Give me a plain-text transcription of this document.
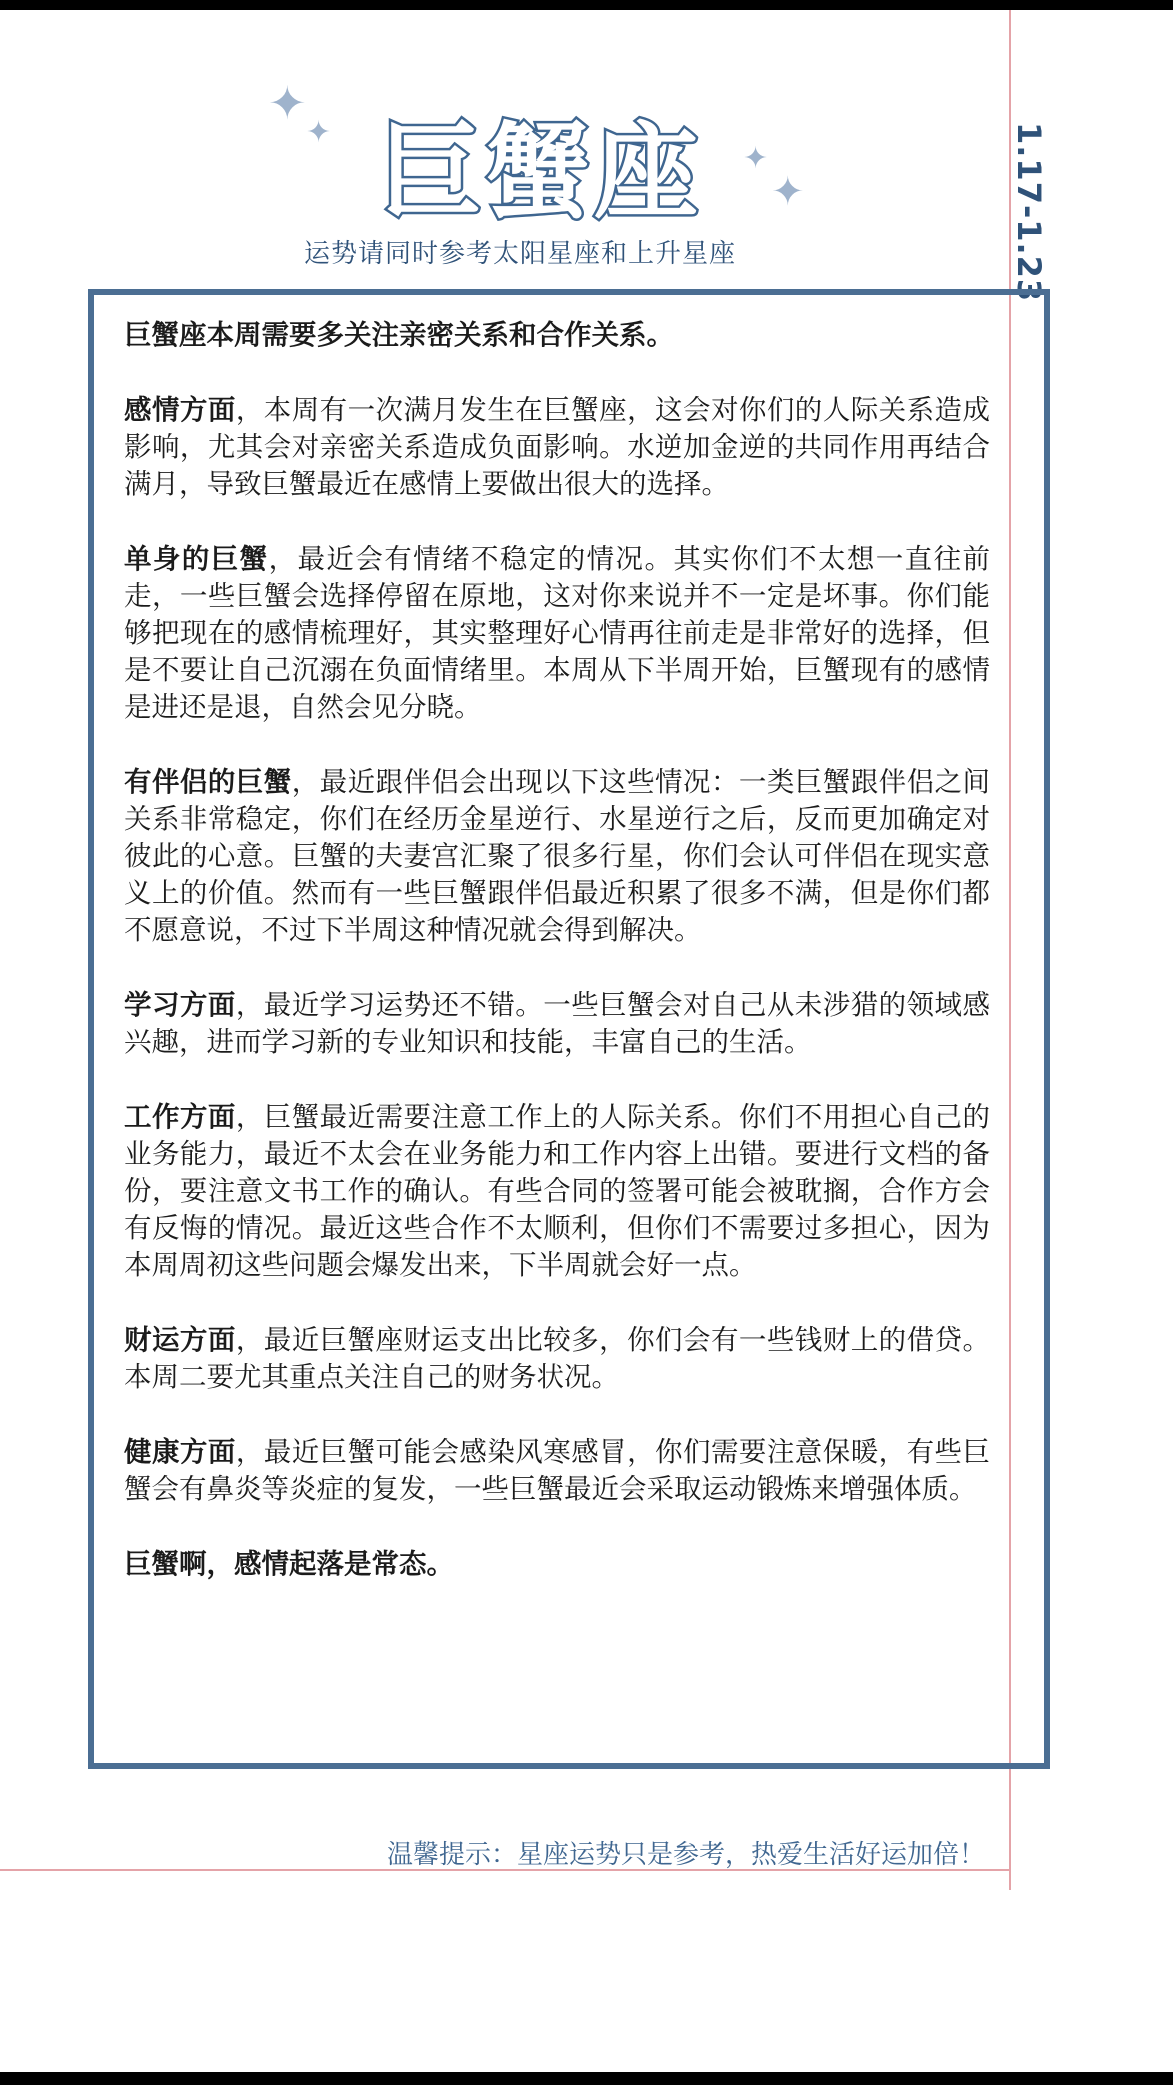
✦
✦
✦
✦
巨蟹座
运势请同时参考太阳星座和上升星座	1.17-1.23

巨蟹座本周需要多关注亲密关系和合作关系。

感情方面，本周有一次满月发生在巨蟹座，这会对你们的人际关系造成影响，尤其会对亲密关系造成负面影响。水逆加金逆的共同作用再结合满月，导致巨蟹最近在感情上要做出很大的选择。

单身的巨蟹，最近会有情绪不稳定的情况。其实你们不太想一直往前走，一些巨蟹会选择停留在原地，这对你来说并不一定是坏事。你们能够把现在的感情梳理好，其实整理好心情再往前走是非常好的选择，但是不要让自己沉溺在负面情绪里。本周从下半周开始，巨蟹现有的感情是进还是退，自然会见分晓。

有伴侣的巨蟹，最近跟伴侣会出现以下这些情况：一类巨蟹跟伴侣之间关系非常稳定，你们在经历金星逆行、水星逆行之后，反而更加确定对彼此的心意。巨蟹的夫妻宫汇聚了很多行星，你们会认可伴侣在现实意义上的价值。然而有一些巨蟹跟伴侣最近积累了很多不满，但是你们都不愿意说，不过下半周这种情况就会得到解决。

学习方面，最近学习运势还不错。一些巨蟹会对自己从未涉猎的领域感兴趣，进而学习新的专业知识和技能，丰富自己的生活。

工作方面，巨蟹最近需要注意工作上的人际关系。你们不用担心自己的业务能力，最近不太会在业务能力和工作内容上出错。要进行文档的备份，要注意文书工作的确认。有些合同的签署可能会被耽搁，合作方会有反悔的情况。最近这些合作不太顺利，但你们不需要过多担心，因为本周周初这些问题会爆发出来，下半周就会好一点。

财运方面，最近巨蟹座财运支出比较多，你们会有一些钱财上的借贷。本周二要尤其重点关注自己的财务状况。

健康方面，最近巨蟹可能会感染风寒感冒，你们需要注意保暖，有些巨蟹会有鼻炎等炎症的复发，一些巨蟹最近会采取运动锻炼来增强体质。

巨蟹啊，感情起落是常态。

温馨提示：星座运势只是参考，热爱生活好运加倍！
